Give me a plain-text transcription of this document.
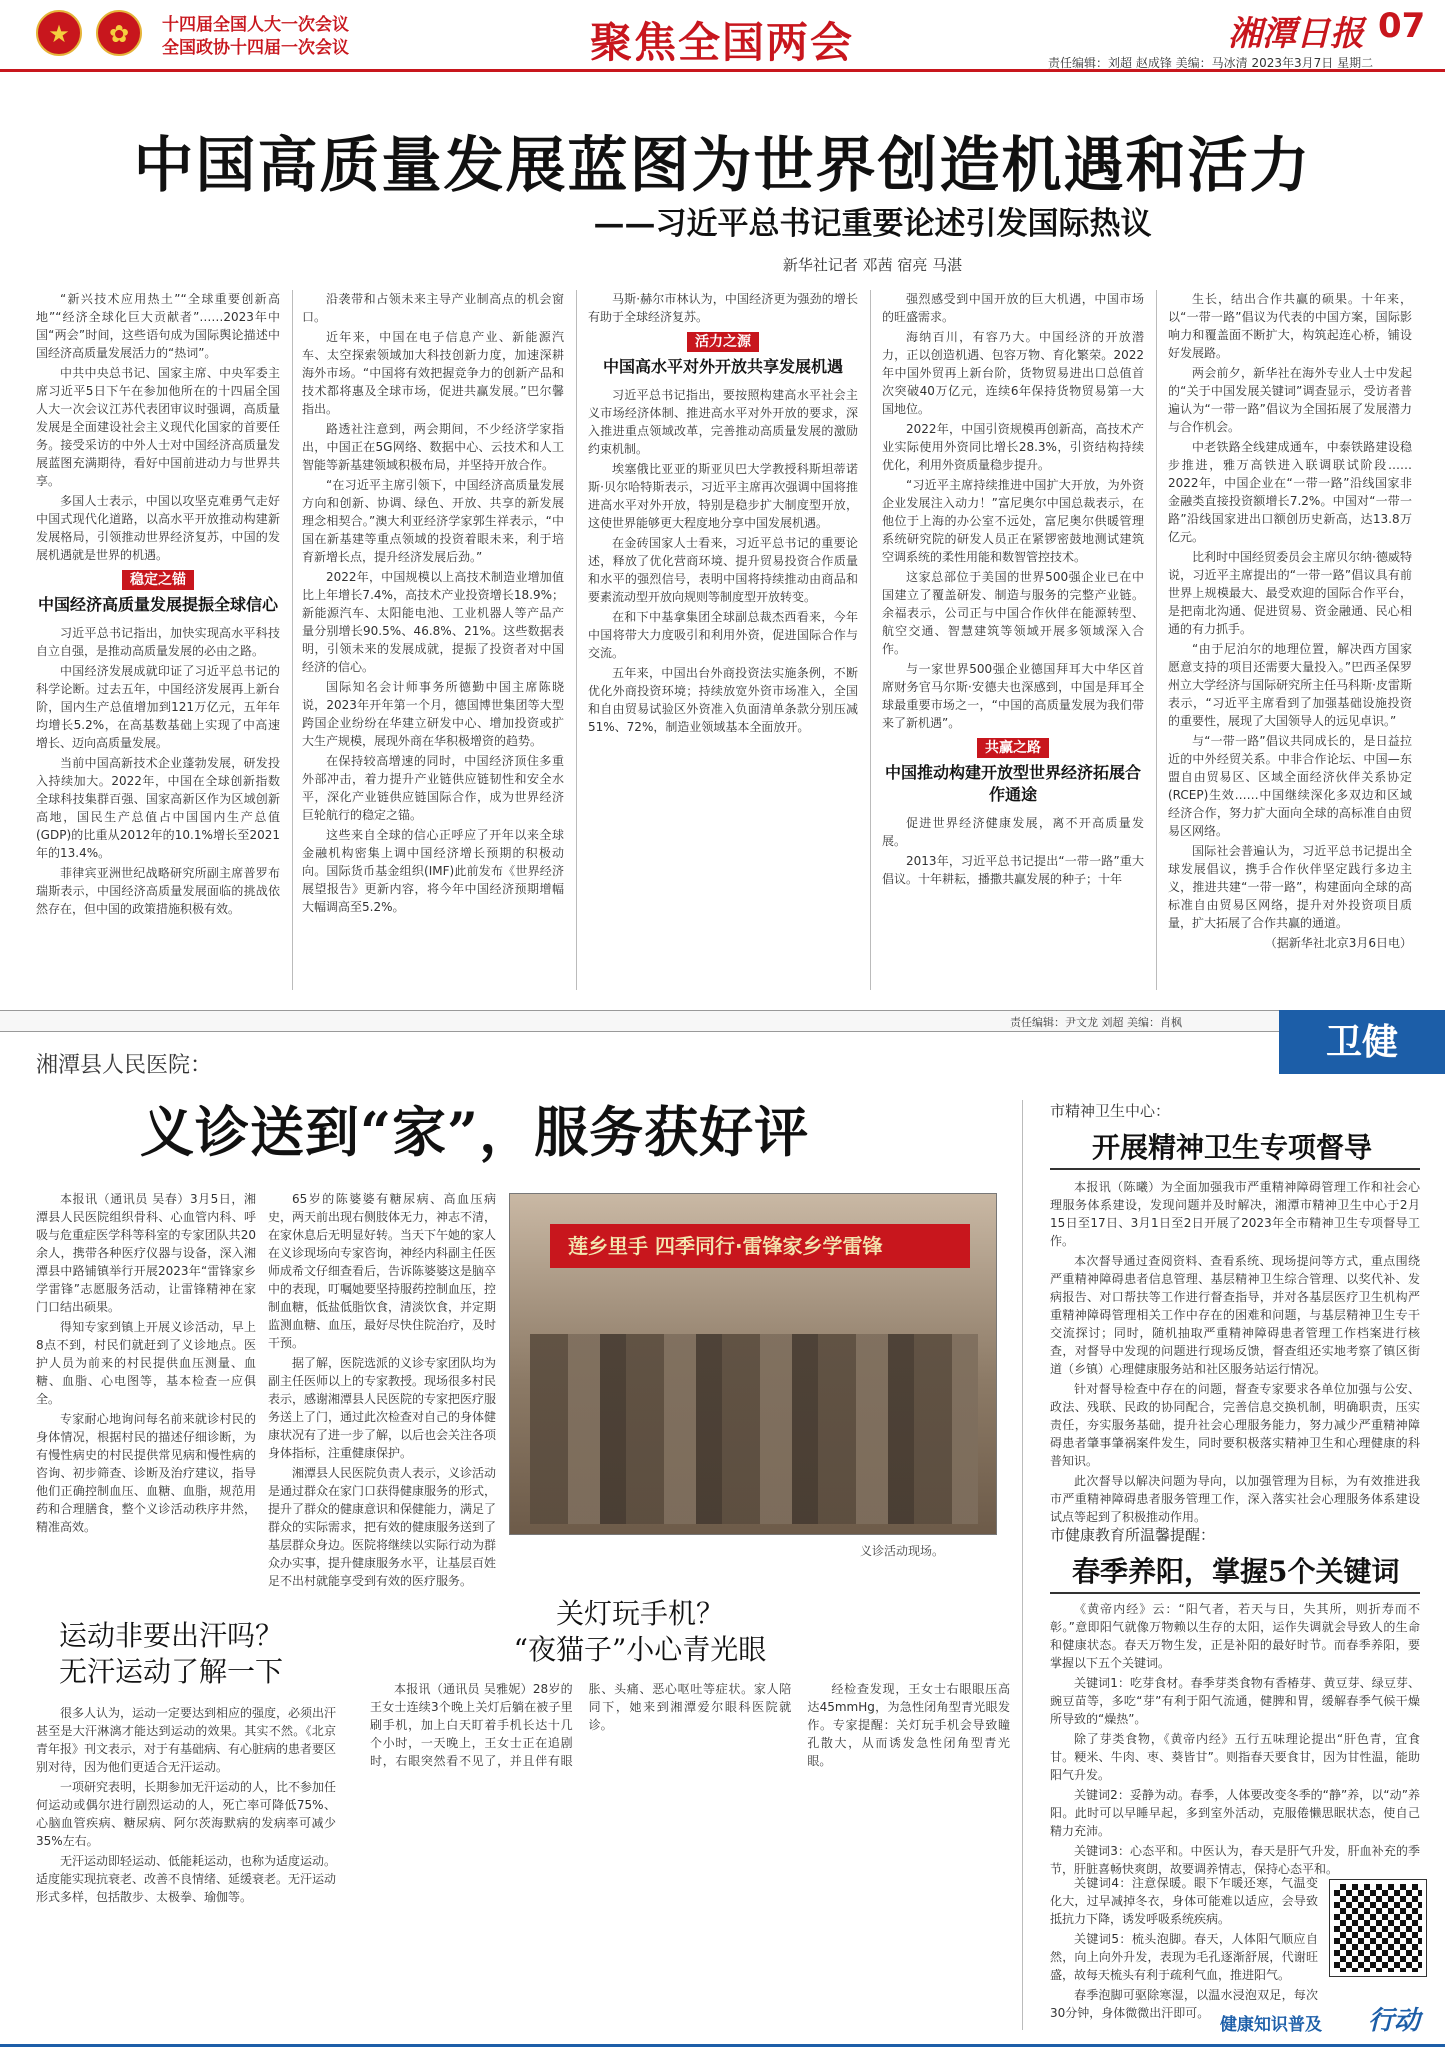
★	✿	十四届全国人大一次会议
全国政协十四届一次会议	聚焦全国两会	湘潭日报 07
责任编辑：刘超 赵成锋 美编：马冰清 2023年3月7日 星期二
中国高质量发展蓝图为世界创造机遇和活力
——习近平总书记重要论述引发国际热议
新华社记者 邓茜 宿亮 马湛

“新兴技术应用热土”“全球重要创新高地”“经济全球化巨大贡献者”……2023年中国“两会”时间，这些语句成为国际舆论描述中国经济高质量发展活力的“热词”。

中共中央总书记、国家主席、中央军委主席习近平5日下午在参加他所在的十四届全国人大一次会议江苏代表团审议时强调，高质量发展是全面建设社会主义现代化国家的首要任务。接受采访的中外人士对中国经济高质量发展蓝图充满期待，看好中国前进动力与世界共享。

多国人士表示，中国以攻坚克难勇气走好中国式现代化道路，以高水平开放推动构建新发展格局，引领推动世界经济复苏，中国的发展机遇就是世界的机遇。

稳定之锚
中国经济高质量发展提振全球信心

习近平总书记指出，加快实现高水平科技自立自强，是推动高质量发展的必由之路。

中国经济发展成就印证了习近平总书记的科学论断。过去五年，中国经济发展再上新台阶，国内生产总值增加到121万亿元，五年年均增长5.2%，在高基数基础上实现了中高速增长、迈向高质量发展。

当前中国高新技术企业蓬勃发展，研发投入持续加大。2022年，中国在全球创新指数全球科技集群百强、国家高新区作为区域创新高地，国民生产总值占中国国内生产总值(GDP)的比重从2012年的10.1%增长至2021年的13.4%。

菲律宾亚洲世纪战略研究所副主席普罗布瑞斯表示，中国经济高质量发展面临的挑战依然存在，但中国的政策措施积极有效。

沿袭带和占领未来主导产业制高点的机会窗口。

近年来，中国在电子信息产业、新能源汽车、太空探索领域加大科技创新力度，加速深耕海外市场。“中国将有效把握竞争力的创新产品和技术都将惠及全球市场，促进共赢发展。”巴尔馨指出。

路透社注意到，两会期间，不少经济学家指出，中国正在5G网络、数据中心、云技术和人工智能等新基建领域积极布局，并坚持开放合作。

“在习近平主席引领下，中国经济高质量发展方向和创新、协调、绿色、开放、共享的新发展理念相契合。”澳大利亚经济学家郭生祥表示，“中国在新基建等重点领域的投资着眼未来，利于培育新增长点，提升经济发展后劲。”

2022年，中国规模以上高技术制造业增加值比上年增长7.4%，高技术产业投资增长18.9%；新能源汽车、太阳能电池、工业机器人等产品产量分别增长90.5%、46.8%、21%。这些数据表明，引领未来的发展成就，提振了投资者对中国经济的信心。

国际知名会计师事务所德勤中国主席陈晓说，2023年开年第一个月，德国博世集团等大型跨国企业纷纷在华建立研发中心、增加投资或扩大生产规模，展现外商在华积极增资的趋势。

在保持较高增速的同时，中国经济顶住多重外部冲击，着力提升产业链供应链韧性和安全水平，深化产业链供应链国际合作，成为世界经济巨轮航行的稳定之锚。

这些来自全球的信心正呼应了开年以来全球金融机构密集上调中国经济增长预期的积极动向。国际货币基金组织(IMF)此前发布《世界经济展望报告》更新内容，将今年中国经济预期增幅大幅调高至5.2%。

马斯·赫尔市林认为，中国经济更为强劲的增长有助于全球经济复苏。

活力之源
中国高水平对外开放共享发展机遇

习近平总书记指出，要按照构建高水平社会主义市场经济体制、推进高水平对外开放的要求，深入推进重点领域改革，完善推动高质量发展的激励约束机制。

埃塞俄比亚亚的斯亚贝巴大学教授科斯坦蒂诺斯·贝尔哈特斯表示，习近平主席再次强调中国将推进高水平对外开放，特别是稳步扩大制度型开放，这使世界能够更大程度地分享中国发展机遇。

在金砖国家人士看来，习近平总书记的重要论述，释放了优化营商环境、提升贸易投资合作质量和水平的强烈信号，表明中国将持续推动由商品和要素流动型开放向规则等制度型开放转变。

在和下中基拿集团全球副总裁杰西看来，今年中国将带大力度吸引和利用外资，促进国际合作与交流。

五年来，中国出台外商投资法实施条例，不断优化外商投资环境；持续放宽外资市场准入，全国和自由贸易试验区外资准入负面清单条款分别压减51%、72%，制造业领域基本全面放开。

强烈感受到中国开放的巨大机遇，中国市场的旺盛需求。

海纳百川，有容乃大。中国经济的开放潜力，正以创造机遇、包容万物、育化繁荣。2022年中国外贸再上新台阶，货物贸易进出口总值首次突破40万亿元，连续6年保持货物贸易第一大国地位。

2022年，中国引资规模再创新高，高技术产业实际使用外资同比增长28.3%，引资结构持续优化，利用外资质量稳步提升。

“习近平主席持续推进中国扩大开放，为外资企业发展注入动力！”富尼奥尔中国总裁表示，在他位于上海的办公室不远处，富尼奥尔供暖管理系统研究院的研发人员正在紧锣密鼓地测试建筑空调系统的柔性用能和数智管控技术。

这家总部位于美国的世界500强企业已在中国建立了覆盖研发、制造与服务的完整产业链。余福表示，公司正与中国合作伙伴在能源转型、航空交通、智慧建筑等领域开展多领域深入合作。

与一家世界500强企业德国拜耳大中华区首席财务官马尔斯·安德夫也深感到，中国是拜耳全球最重要市场之一，“中国的高质量发展为我们带来了新机遇”。

共赢之路
中国推动构建开放型世界经济拓展合作通途

促进世界经济健康发展，离不开高质量发展。

2013年，习近平总书记提出“一带一路”重大倡议。十年耕耘，播撒共赢发展的种子；十年

生长，结出合作共赢的硕果。十年来，以“一带一路”倡议为代表的中国方案，国际影响力和覆盖面不断扩大，构筑起连心桥，铺设好发展路。

两会前夕，新华社在海外专业人士中发起的“关于中国发展关键词”调查显示，受访者普遍认为“一带一路”倡议为全国拓展了发展潜力与合作机会。

中老铁路全线建成通车，中泰铁路建设稳步推进，雅万高铁进入联调联试阶段……2022年，中国企业在“一带一路”沿线国家非金融类直接投资额增长7.2%。中国对“一带一路”沿线国家进出口额创历史新高，达13.8万亿元。

比利时中国经贸委员会主席贝尔纳·德威特说，习近平主席提出的“一带一路”倡议具有前世界上规模最大、最受欢迎的国际合作平台，是把南北沟通、促进贸易、资金融通、民心相通的有力抓手。

“由于尼泊尔的地理位置，解决西方国家愿意支持的项目还需要大量投入。”巴西圣保罗州立大学经济与国际研究所主任马科斯·皮雷斯表示，“习近平主席看到了加强基础设施投资的重要性，展现了大国领导人的远见卓识。”

与“一带一路”倡议共同成长的，是日益拉近的中外经贸关系。中非合作论坛、中国—东盟自由贸易区、区域全面经济伙伴关系协定(RCEP)生效……中国继续深化多双边和区域经济合作，努力扩大面向全球的高标准自由贸易区网络。

国际社会普遍认为，习近平总书记提出全球发展倡议，携手合作伙伴坚定践行多边主义，推进共建“一带一路”，构建面向全球的高标准自由贸易区网络，提升对外投资项目质量，扩大拓展了合作共赢的通道。

（据新华社北京3月6日电）

责任编辑：尹文龙 刘超 美编：肖枫	卫健
湘潭县人民医院：
义诊送到“家”，服务获好评

本报讯（通讯员 吴春）3月5日，湘潭县人民医院组织骨科、心血管内科、呼吸与危重症医学科等科室的专家团队共20余人，携带各种医疗仪器与设备，深入湘潭县中路铺镇举行开展2023年“雷锋家乡学雷锋”志愿服务活动，让雷锋精神在家门口结出硕果。

得知专家到镇上开展义诊活动，早上8点不到，村民们就赶到了义诊地点。医护人员为前来的村民提供血压测量、血糖、血脂、心电图等，基本检查一应俱全。

专家耐心地询问每名前来就诊村民的身体情况，根据村民的描述仔细诊断，为有慢性病史的村民提供常见病和慢性病的咨询、初步筛查、诊断及治疗建议，指导他们正确控制血压、血糖、血脂，规范用药和合理膳食，整个义诊活动秩序井然，精准高效。

65岁的陈婆婆有糖尿病、高血压病史，两天前出现右侧肢体无力，神志不清，在家休息后无明显好转。当天下午她的家人在义诊现场向专家咨询，神经内科副主任医师成希文仔细查看后，告诉陈婆婆这是脑卒中的表现，叮嘱她要坚持服药控制血压，控制血糖，低盐低脂饮食，清淡饮食，并定期监测血糖、血压，最好尽快住院治疗，及时干预。

据了解，医院选派的义诊专家团队均为副主任医师以上的专家教授。现场很多村民表示，感谢湘潭县人民医院的专家把医疗服务送上了门，通过此次检查对自己的身体健康状况有了进一步了解，以后也会关注各项身体指标，注重健康保护。

湘潭县人民医院负责人表示，义诊活动是通过群众在家门口获得健康服务的形式，提升了群众的健康意识和保健能力，满足了群众的实际需求，把有效的健康服务送到了基层群众身边。医院将继续以实际行动为群众办实事，提升健康服务水平，让基层百姓足不出村就能享受到有效的医疗服务。

莲乡里手 四季同行·雷锋家乡学雷锋
义诊活动现场。
市精神卫生中心：
开展精神卫生专项督导

本报讯（陈曦）为全面加强我市严重精神障碍管理工作和社会心理服务体系建设，发现问题并及时解决，湘潭市精神卫生中心于2月15日至17日、3月1日至2日开展了2023年全市精神卫生专项督导工作。

本次督导通过查阅资料、查看系统、现场提问等方式，重点围绕严重精神障碍患者信息管理、基层精神卫生综合管理、以奖代补、发病报告、对口帮扶等工作进行督查指导，并对各基层医疗卫生机构严重精神障碍管理相关工作中存在的困难和问题，与基层精神卫生专干交流探讨；同时，随机抽取严重精神障碍患者管理工作档案进行核查，对督导中发现的问题进行现场反馈，督查组还实地考察了镇区街道（乡镇）心理健康服务站和社区服务站运行情况。

针对督导检查中存在的问题，督查专家要求各单位加强与公安、政法、残联、民政的协同配合，完善信息交换机制，明确职责，压实责任，夯实服务基础，提升社会心理服务能力，努力减少严重精神障碍患者肇事肇祸案件发生，同时要积极落实精神卫生和心理健康的科普知识。

此次督导以解决问题为导向，以加强管理为目标，为有效推进我市严重精神障碍患者服务管理工作，深入落实社会心理服务体系建设试点等起到了积极推动作用。

市健康教育所温馨提醒：
春季养阳，掌握5个关键词

《黄帝内经》云：“阳气者，若天与日，失其所，则折寿而不彰。”意即阳气就像万物赖以生存的太阳，运作失调就会导致人的生命和健康状态。春天万物生发，正是补阳的最好时节。而春季养阳，要掌握以下五个关键词。

关键词1：吃芽食材。春季芽类食物有香椿芽、黄豆芽、绿豆芽、豌豆苗等，多吃“芽”有利于阳气流通，健脾和胃，缓解春季气候干燥所导致的“燥热”。

除了芽类食物，《黄帝内经》五行五味理论提出“肝色青，宜食甘。粳米、牛肉、枣、葵皆甘”。则指春天要食甘，因为甘性温，能助阳气升发。

关键词2：妥静为动。春季，人体要改变冬季的“静”养，以“动”养阳。此时可以早睡早起，多到室外活动，克服倦懒思眠状态，使自己精力充沛。

关键词3：心态平和。中医认为，春天是肝气升发，肝血补充的季节，肝脏喜畅快爽朗，故要调养情志，保持心态平和。

关键词4：注意保暖。眼下乍暖还寒，气温变化大，过早减掉冬衣，身体可能难以适应，会导致抵抗力下降，诱发呼吸系统疾病。

关键词5：梳头泡脚。春天，人体阳气顺应自然，向上向外升发，表现为毛孔逐渐舒展，代谢旺盛，故每天梳头有利于疏利气血，推进阳气。

春季泡脚可驱除寒湿，以温水浸泡双足，每次30分钟，身体微微出汗即可。

运动非要出汗吗？
无汗运动了解一下

很多人认为，运动一定要达到相应的强度，必须出汗甚至是大汗淋漓才能达到运动的效果。其实不然。《北京青年报》刊文表示，对于有基础病、有心脏病的患者要区别对待，因为他们更适合无汗运动。

一项研究表明，长期参加无汗运动的人，比不参加任何运动或偶尔进行剧烈运动的人，死亡率可降低75%、心脑血管疾病、糖尿病、阿尔茨海默病的发病率可减少35%左右。

无汗运动即轻运动、低能耗运动，也称为适度运动。适度能实现抗衰老、改善不良情绪、延缓衰老。无汗运动形式多样，包括散步、太极拳、瑜伽等。

关灯玩手机？
“夜猫子”小心青光眼

本报讯（通讯员 吴雅妮）28岁的王女士连续3个晚上关灯后躺在被子里刷手机，加上白天盯着手机长达十几个小时，一天晚上，王女士正在追剧时，右眼突然看不见了，并且伴有眼胀、头痛、恶心呕吐等症状。家人陪同下，她来到湘潭爱尔眼科医院就诊。

经检查发现，王女士右眼眼压高达45mmHg，为急性闭角型青光眼发作。专家提醒：关灯玩手机会导致瞳孔散大，从而诱发急性闭角型青光眼。

健康知识普及 行动
